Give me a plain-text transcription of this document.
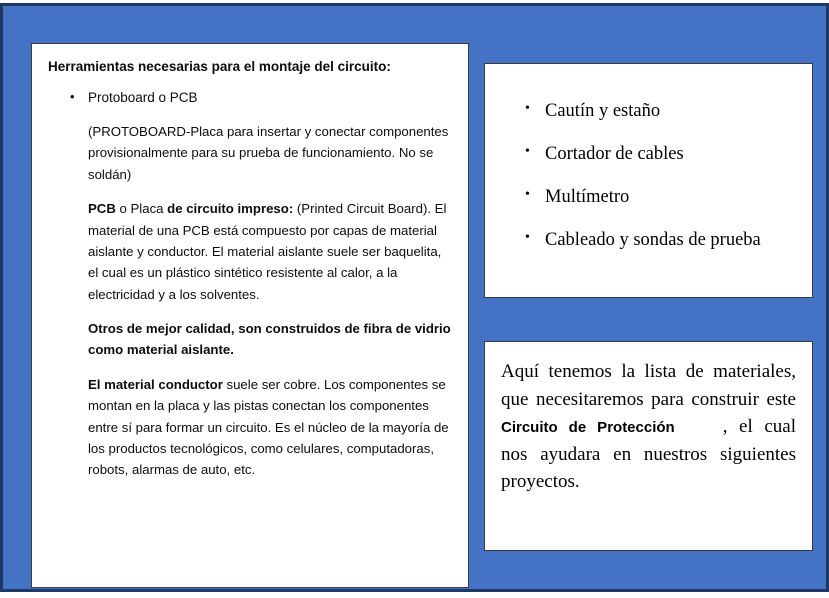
Herramientas necesarias para el montaje del circuito:
• Protoboard o PCB

(PROTOBOARD-Placa para insertar y conectar componentes provisionalmente para su prueba de funcionamiento. No se soldán)

PCB o Placa de circuito impreso: (Printed Circuit Board). El material de una PCB está compuesto por capas de material aislante y conductor. El material aislante suele ser baquelita, el cual es un plástico sintético resistente al calor, a la electricidad y a los solventes.

Otros de mejor calidad, son construidos de fibra de vidrio como material aislante.

El material conductor suele ser cobre. Los componentes se montan en la placa y las pistas conectan los componentes entre sí para formar un circuito. Es el núcleo de la mayoría de los productos tecnológicos, como celulares, computadoras, robots, alarmas de auto, etc.

• Cautín y estaño
• Cortador de cables
• Multímetro
• Cableado y sondas de prueba

Aquí tenemos la lista de materiales, que necesitaremos para construir este Circuito de Protección	, el cual nos ayudara en nuestros siguientes proyectos.
